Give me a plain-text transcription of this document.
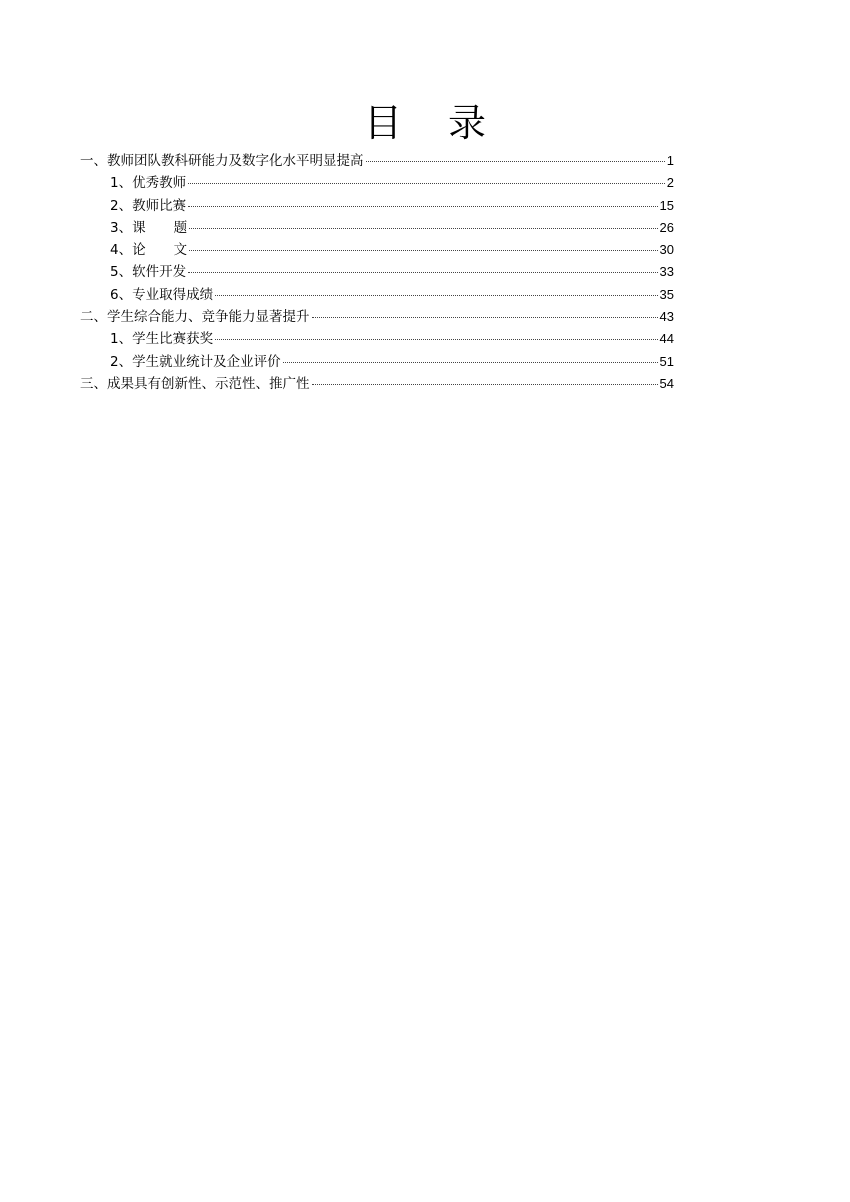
目 录
一、教师团队教科研能力及数字化水平明显提高	1
1、优秀教师	2
2、教师比赛	15
3、课题	26
4、论文	30
5、软件开发	33
6、专业取得成绩	35
二、学生综合能力、竞争能力显著提升	43
1、学生比赛获奖	44
2、学生就业统计及企业评价	51
三、成果具有创新性、示范性、推广性	54
